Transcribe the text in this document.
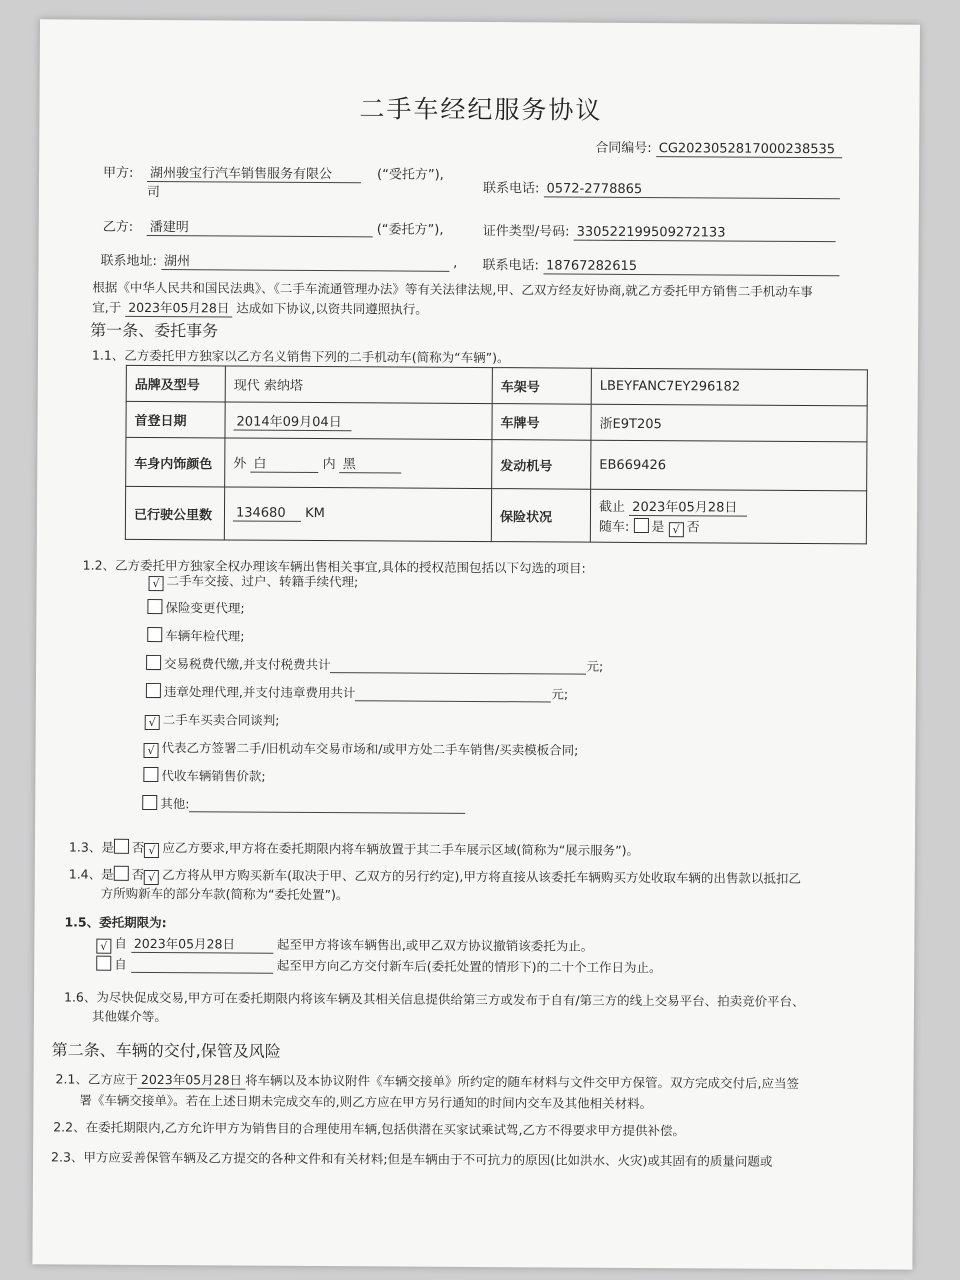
二手车经纪服务协议
合同编号: CG2023052817000238535
甲方: 湖州骏宝行汽车销售服务有限公
司
(“受托方”),
联系电话: 0572-2778865
乙方: 潘建明	(“委托方”),	证件类型/号码: 330522199509272133
联系地址: 湖州	, 联系电话: 18767282615
根据《中华人民共和国民法典》、《二手车流通管理办法》等有关法律法规,甲、乙双方经友好协商,就乙方委托甲方销售二手机动车事
宜,于 2023年05月28日 达成如下协议,以资共同遵照执行。
第一条、委托事务
1.1、乙方委托甲方独家以乙方名义销售下列的二手机动车(简称为“车辆”)。
品牌及型号	现代 索纳塔	车架号	LBEYFANC7EY296182
首登日期	2014年09月04日	车牌号	浙E9T205
车身内饰颜色	外 白 内 黑	发动机号	EB669426
已行驶公里数	134680 KM	保险状况	截止 2023年05月28日
随车: 是 √ 否
1.2、乙方委托甲方独家全权办理该车辆出售相关事宜,具体的授权范围包括以下勾选的项目:
√ 二手车交接、过户、转籍手续代理;
保险变更代理;
车辆年检代理;
交易税费代缴,并支付税费共计	元;
违章处理代理,并支付违章费用共计	元;
√ 二手车买卖合同谈判;
√ 代表乙方签署二手/旧机动车交易市场和/或甲方处二手车销售/买卖模板合同;
代收车辆销售价款;
其他:
1.3、是 否 √ 应乙方要求,甲方将在委托期限内将车辆放置于其二手车展示区域(简称为“展示服务”)。
1.4、是 否 √ 乙方将从甲方购买新车(取决于甲、乙双方的另行约定),甲方将直接从该委托车辆购买方处收取车辆的出售款以抵扣乙
方所购新车的部分车款(简称为“委托处置”)。
1.5、委托期限为:
√ 自 2023年05月28日	起至甲方将该车辆售出,或甲乙双方协议撤销该委托为止。
自	起至甲方向乙方交付新车后(委托处置的情形下)的二十个工作日为止。
1.6、为尽快促成交易,甲方可在委托期限内将该车辆及其相关信息提供给第三方或发布于自有/第三方的线上交易平台、拍卖竞价平台、
其他媒介等。
第二条、车辆的交付,保管及风险
2.1、乙方应于 2023年05月28日 将车辆以及本协议附件《车辆交接单》所约定的随车材料与文件交甲方保管。双方完成交付后,应当签
署《车辆交接单》。若在上述日期未完成交车的,则乙方应在甲方另行通知的时间内交车及其他相关材料。
2.2、在委托期限内,乙方允许甲方为销售目的合理使用车辆,包括供潜在买家试乘试驾,乙方不得要求甲方提供补偿。
2.3、甲方应妥善保管车辆及乙方提交的各种文件和有关材料;但是车辆由于不可抗力的原因(比如洪水、火灾)或其固有的质量问题或
